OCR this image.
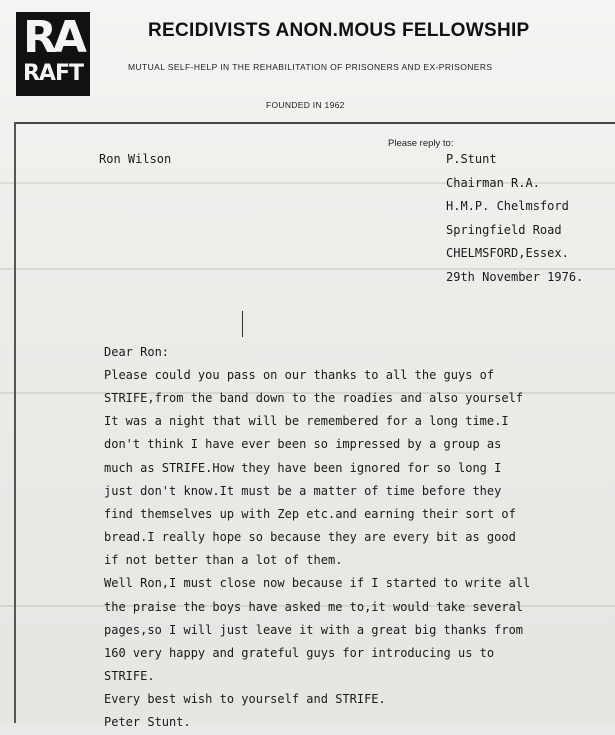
RA
RAFT
RECIDIVISTS ANON.MOUS FELLOWSHIP
MUTUAL SELF-HELP IN THE REHABILITATION OF PRISONERS AND EX-PRISONERS
FOUNDED IN 1962
Please reply to:
Ron Wilson	P.Stunt
Chairman R.A.
H.M.P. Chelmsford
Springfield Road
CHELMSFORD,Essex.
29th November 1976.
Dear Ron:
Please could you pass on our thanks to all the guys of
STRIFE,from the band down to the roadies and also yourself
It was a night that will be remembered for a long time.I
don't think I have ever been so impressed by a group as
much as STRIFE.How they have been ignored for so long I
just don't know.It must be a matter of time before they
find themselves up with Zep etc.and earning their sort of
bread.I really hope so because they are every bit as good
if not better than a lot of them.
Well Ron,I must close now because if I started to write all
the praise the boys have asked me to,it would take several
pages,so I will just leave it with a great big thanks from
160 very happy and grateful guys for introducing us to
STRIFE.
Every best wish to yourself and STRIFE.
Peter Stunt.
